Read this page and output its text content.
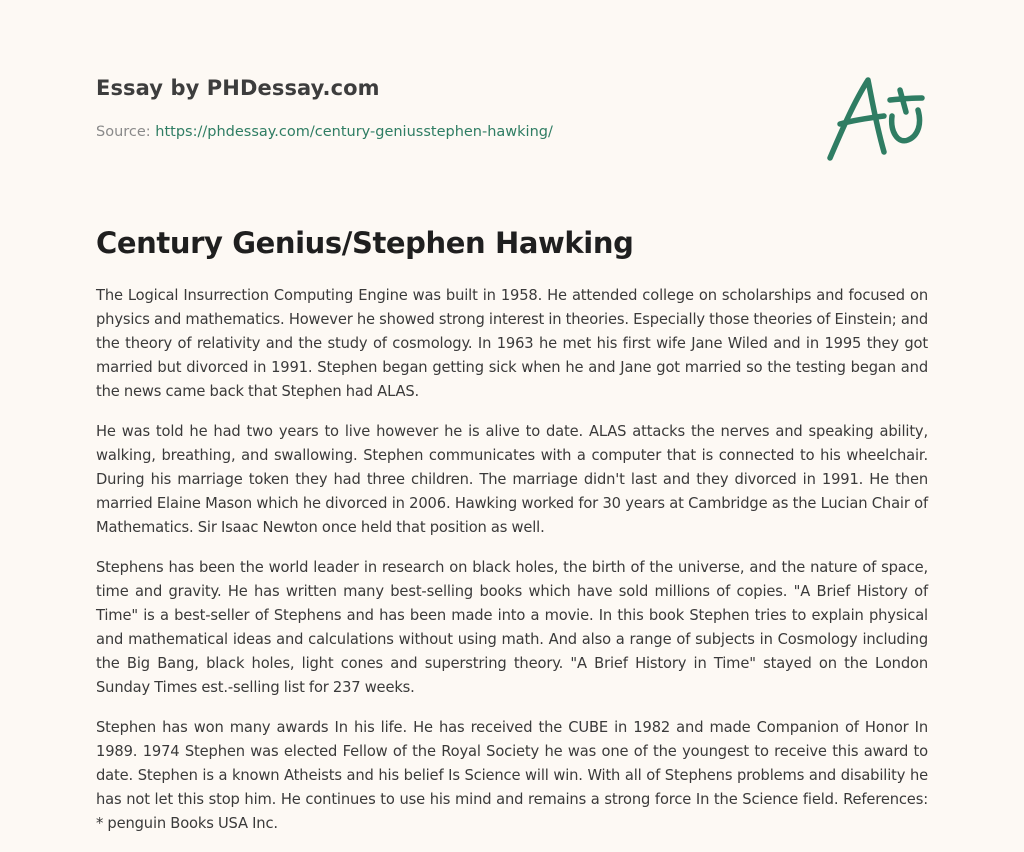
Essay by PHDessay.com
Source: https://phdessay.com/century-geniusstephen-hawking/
Century Genius/Stephen Hawking

The Logical Insurrection Computing Engine was built in 1958. He attended college on scholarships and focused on physics and mathematics. However he showed strong interest in theories. Especially those theories of Einstein; and the theory of relativity and the study of cosmology. In 1963 he met his first wife Jane Wiled and in 1995 they got married but divorced in 1991. Stephen began getting sick when he and Jane got married so the testing began and the news came back that Stephen had ALAS.

He was told he had two years to live however he is alive to date. ALAS attacks the nerves and speaking ability, walking, breathing, and swallowing. Stephen communicates with a computer that is connected to his wheelchair. During his marriage token they had three children. The marriage didn't last and they divorced in 1991. He then married Elaine Mason which he divorced in 2006. Hawking worked for 30 years at Cambridge as the Lucian Chair of Mathematics. Sir Isaac Newton once held that position as well.

Stephens has been the world leader in research on black holes, the birth of the universe, and the nature of space, time and gravity. He has written many best-selling books which have sold millions of copies. "A Brief History of Time" is a best-seller of Stephens and has been made into a movie. In this book Stephen tries to explain physical and mathematical ideas and calculations without using math. And also a range of subjects in Cosmology including the Big Bang, black holes, light cones and superstring theory. "A Brief History in Time" stayed on the London Sunday Times est.-selling list for 237 weeks.

Stephen has won many awards In his life. He has received the CUBE in 1982 and made Companion of Honor In 1989. 1974 Stephen was elected Fellow of the Royal Society he was one of the youngest to receive this award to date. Stephen is a known Atheists and his belief Is Science will win. With all of Stephens problems and disability he has not let this stop him. He continues to use his mind and remains a strong force In the Science field. References: * penguin Books USA Inc.
